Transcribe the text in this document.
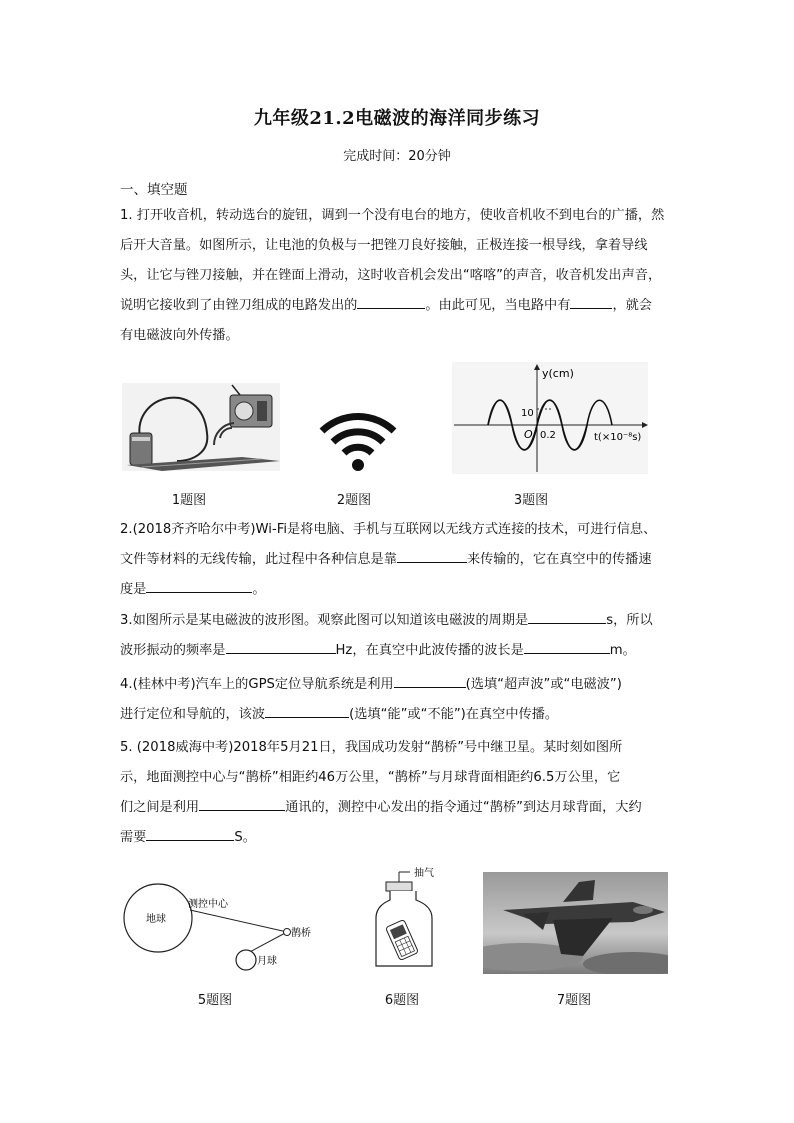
九年级21.2电磁波的海洋同步练习
完成时间：20分钟
一、填空题

1. 打开收音机，转动选台的旋钮，调到一个没有电台的地方，使收音机收不到电台的广播，然

后开大音量。如图所示，让电池的负极与一把锉刀良好接触，正极连接一根导线，拿着导线

头，让它与锉刀接触，并在锉面上滑动，这时收音机会发出“喀喀”的声音，收音机发出声音，

说明它接收到了由锉刀组成的电路发出的	。由此可见，当电路中有	，就会

有电磁波向外传播。

y(cm)
10
O 0.2	t(×10⁻⁸s)
1题图	2题图	3题图

2.(2018齐齐哈尔中考)Wi-Fi是将电脑、手机与互联网以无线方式连接的技术，可进行信息、

文件等材料的无线传输，此过程中各种信息是靠	来传输的，它在真空中的传播速

度是	。

3.如图所示是某电磁波的波形图。观察此图可以知道该电磁波的周期是	s，所以

波形振动的频率是	Hz，在真空中此波传播的波长是	m。

4.(桂林中考)汽车上的GPS定位导航系统是利用	(选填“超声波”或“电磁波”)

进行定位和导航的，该波	(选填“能”或“不能”)在真空中传播。

5. (2018威海中考)2018年5月21日，我国成功发射“鹊桥”号中继卫星。某时刻如图所

示，地面测控中心与“鹊桥”相距约46万公里，“鹊桥”与月球背面相距约6.5万公里，它

们之间是利用	通讯的，测控中心发出的指令通过“鹊桥”到达月球背面，大约

需要	S。

地球
测控中心
鹊桥
月球
抽气
5题图	6题图	7题图
